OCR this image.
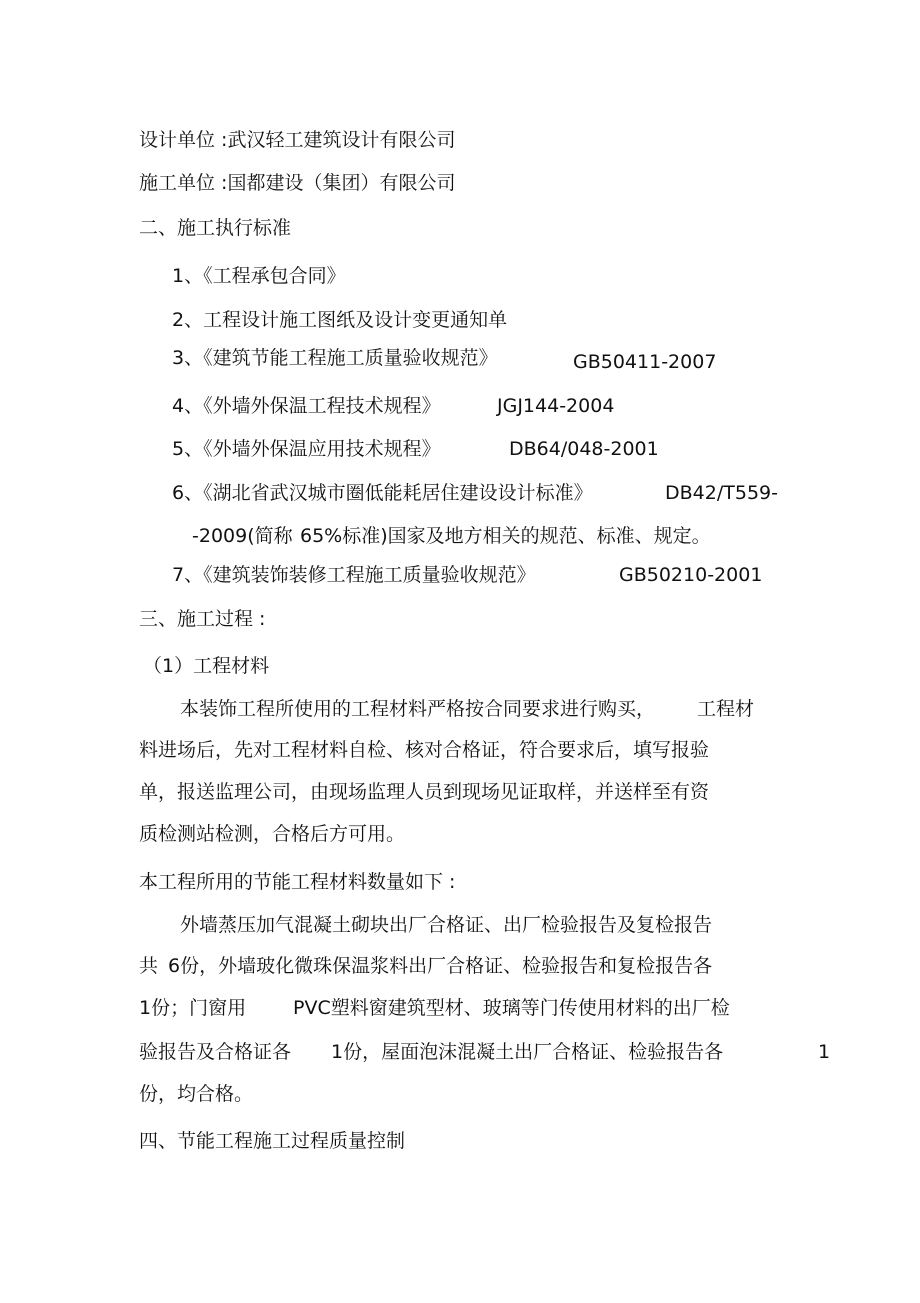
设计单位 :武汉轻工建筑设计有限公司
施工单位 :国都建设（集团）有限公司
二、施工执行标准
1、《工程承包合同》
2、工程设计施工图纸及设计变更通知单
3、《建筑节能工程施工质量验收规范》	GB50411-2007
4、《外墙外保温工程技术规程》	JGJ144-2004
5、《外墙外保温应用技术规程》	DB64/048-2001
6、《湖北省武汉城市圈低能耗居住建设设计标准》	DB42/T559-
-2009(简称 65%标准)国家及地方相关的规范、标准、规定。
7、《建筑装饰装修工程施工质量验收规范》	GB50210-2001
三、施工过程 :
（1）工程材料
本装饰工程所使用的工程材料严格按合同要求进行购买， 工程材
料进场后，先对工程材料自检、核对合格证，符合要求后，填写报验
单，报送监理公司，由现场监理人员到现场见证取样，并送样至有资
质检测站检测，合格后方可用。
本工程所用的节能工程材料数量如下 :
外墙蒸压加气混凝土砌块出厂合格证、出厂检验报告及复检报告
共 6份，外墙玻化微珠保温浆料出厂合格证、检验报告和复检报告各
1份；门窗用 PVC塑料窗建筑型材、玻璃等门传使用材料的出厂检
验报告及合格证各 1份，屋面泡沫混凝土出厂合格证、检验报告各	1
份，均合格。
四、节能工程施工过程质量控制
